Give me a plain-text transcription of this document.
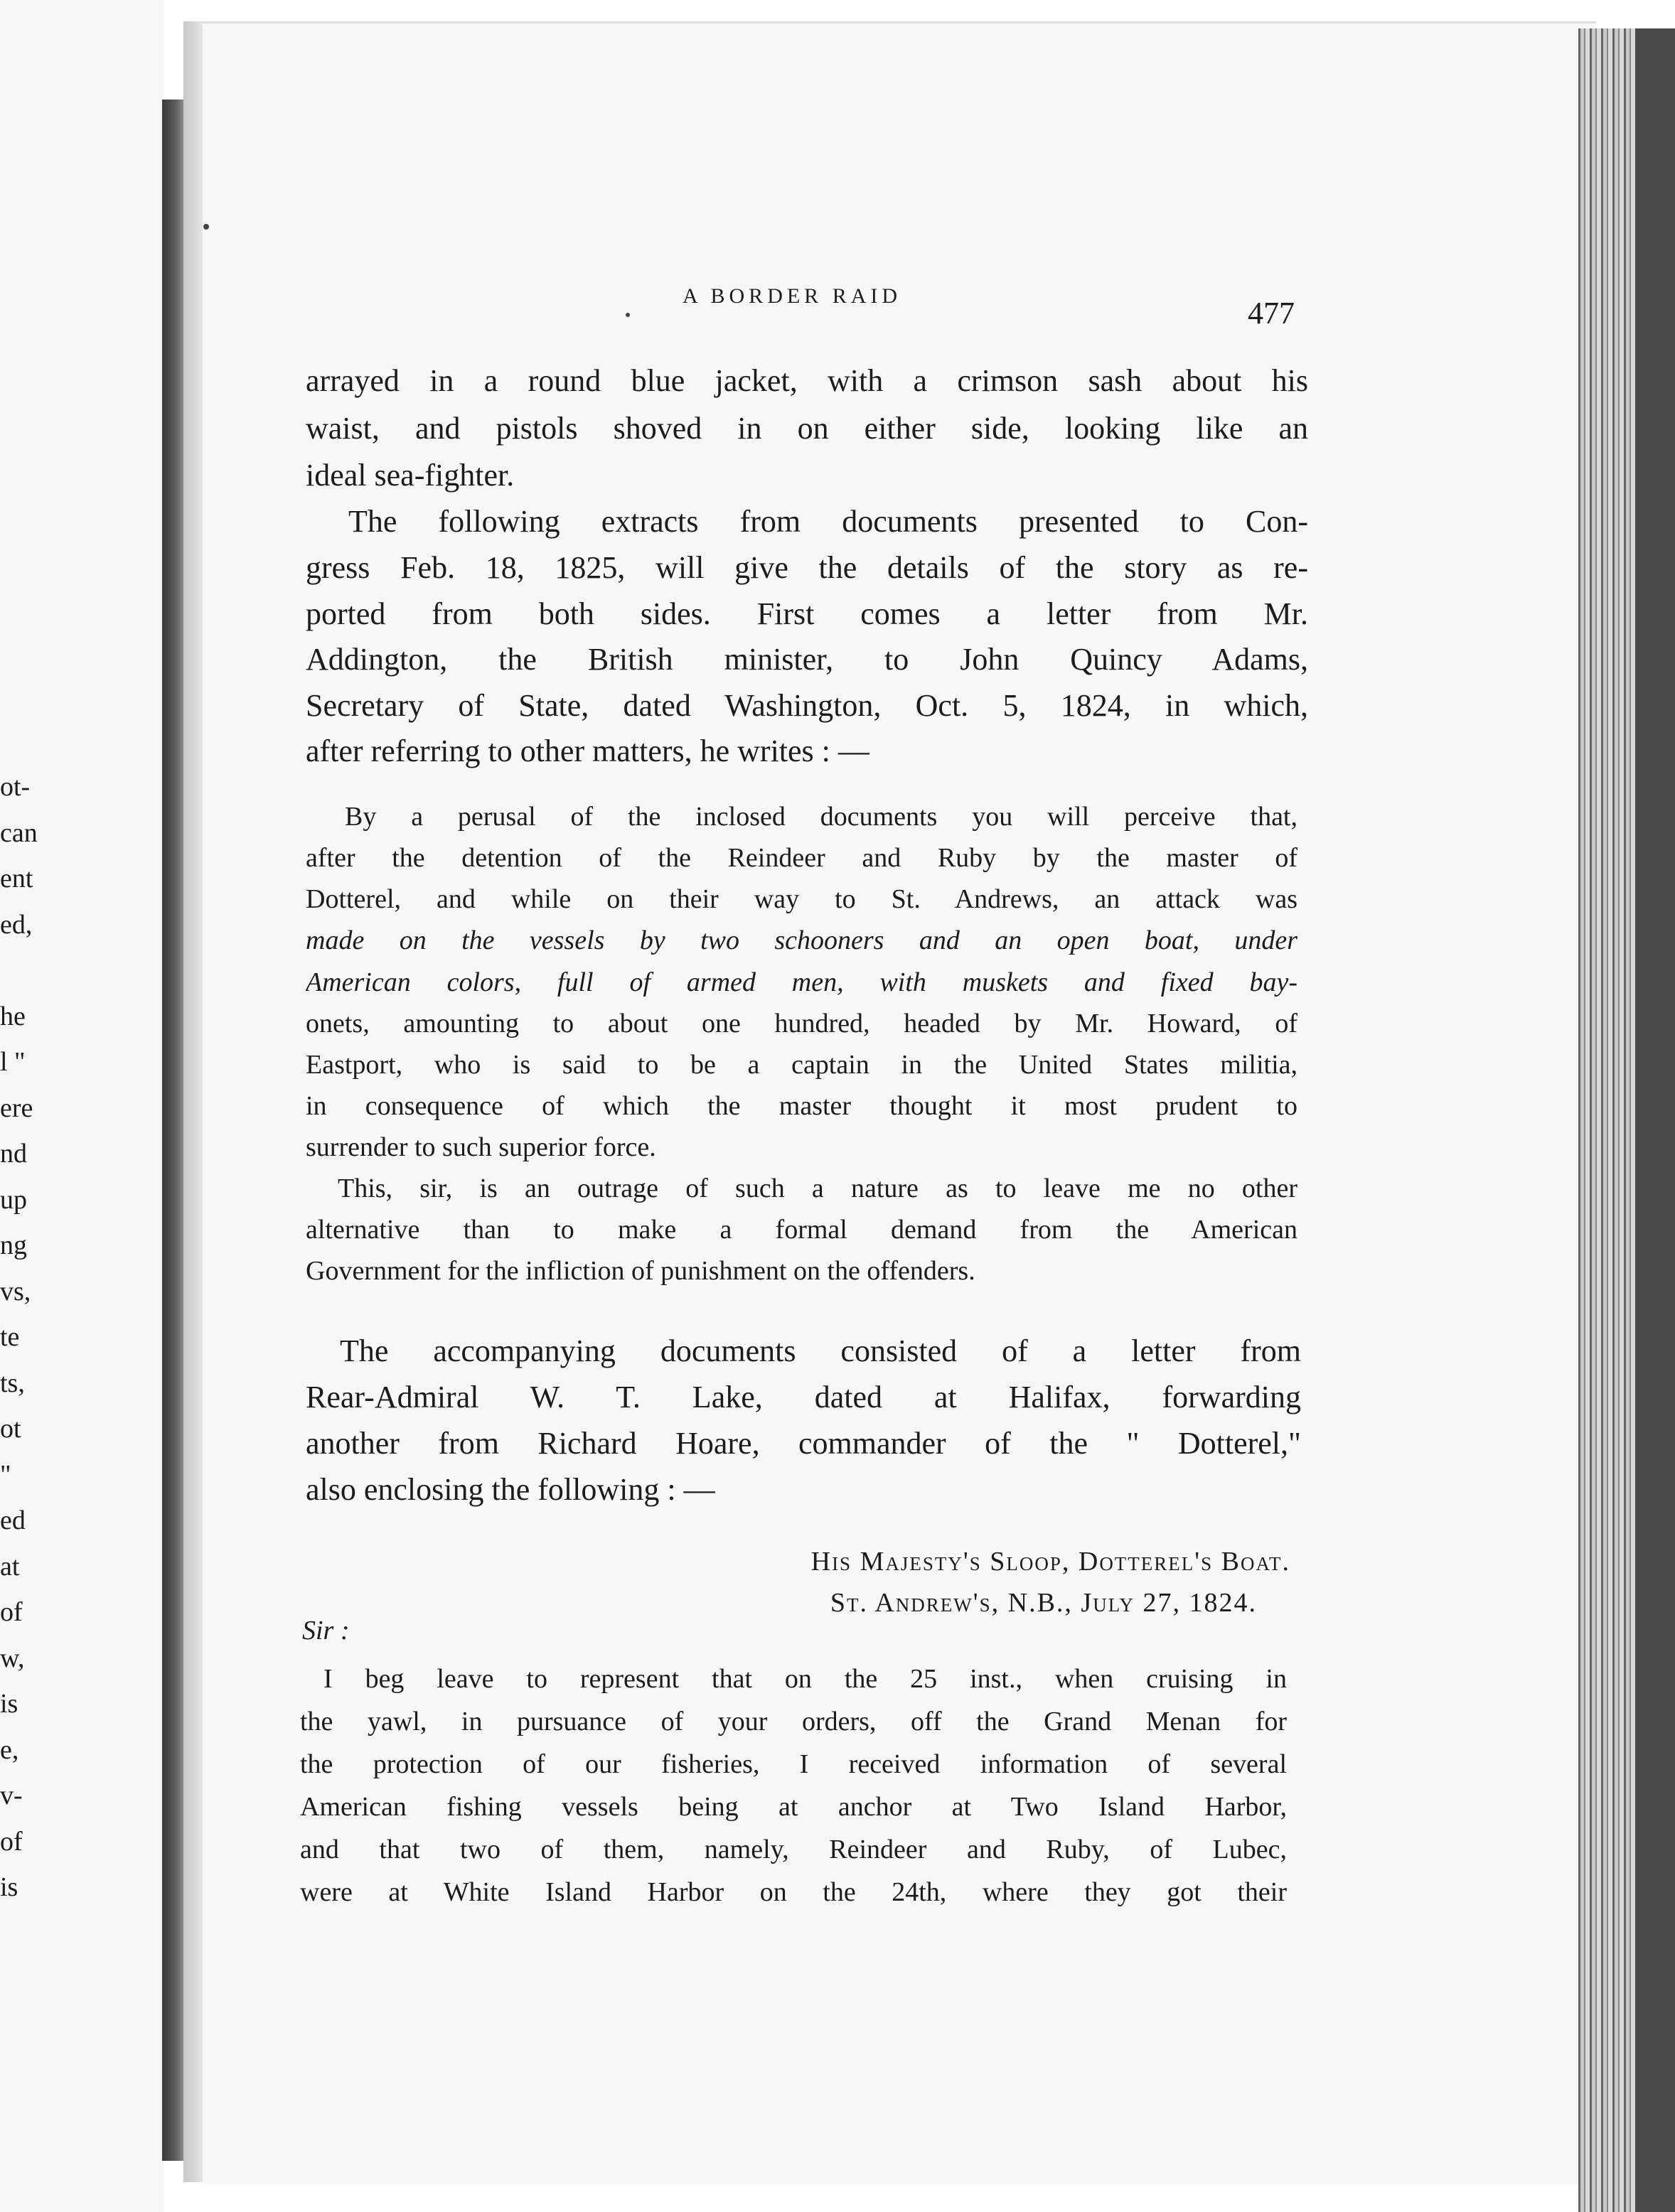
ot-
can
ent
ed,
he
l "
ere
nd
up
ng
vs,
te
ts,
ot
"
ed
at
of
w,
is
e,
v-
of
is
A BORDER RAID	477
arrayed in a round blue jacket, with a crimson sash about his
waist, and pistols shoved in on either side, looking like an
ideal sea-fighter.
The following extracts from documents presented to Con-
gress Feb. 18, 1825, will give the details of the story as re-
ported from both sides. First comes a letter from Mr.
Addington, the British minister, to John Quincy Adams,
Secretary of State, dated Washington, Oct. 5, 1824, in which,
after referring to other matters, he writes : —
By a perusal of the inclosed documents you will perceive that,
after the detention of the Reindeer and Ruby by the master of
Dotterel, and while on their way to St. Andrews, an attack was
made on the vessels by two schooners and an open boat, under
American colors, full of armed men, with muskets and fixed bay-
onets, amounting to about one hundred, headed by Mr. Howard, of
Eastport, who is said to be a captain in the United States militia,
in consequence of which the master thought it most prudent to
surrender to such superior force.
This, sir, is an outrage of such a nature as to leave me no other
alternative than to make a formal demand from the American
Government for the infliction of punishment on the offenders.
The accompanying documents consisted of a letter from
Rear-Admiral W. T. Lake, dated at Halifax, forwarding
another from Richard Hoare, commander of the " Dotterel,"
also enclosing the following : —
His Majesty's Sloop, Dotterel's Boat.
St. Andrew's, N.B., July 27, 1824.
Sir :
I beg leave to represent that on the 25 inst., when cruising in
the yawl, in pursuance of your orders, off the Grand Menan for
the protection of our fisheries, I received information of several
American fishing vessels being at anchor at Two Island Harbor,
and that two of them, namely, Reindeer and Ruby, of Lubec,
were at White Island Harbor on the 24th, where they got their
